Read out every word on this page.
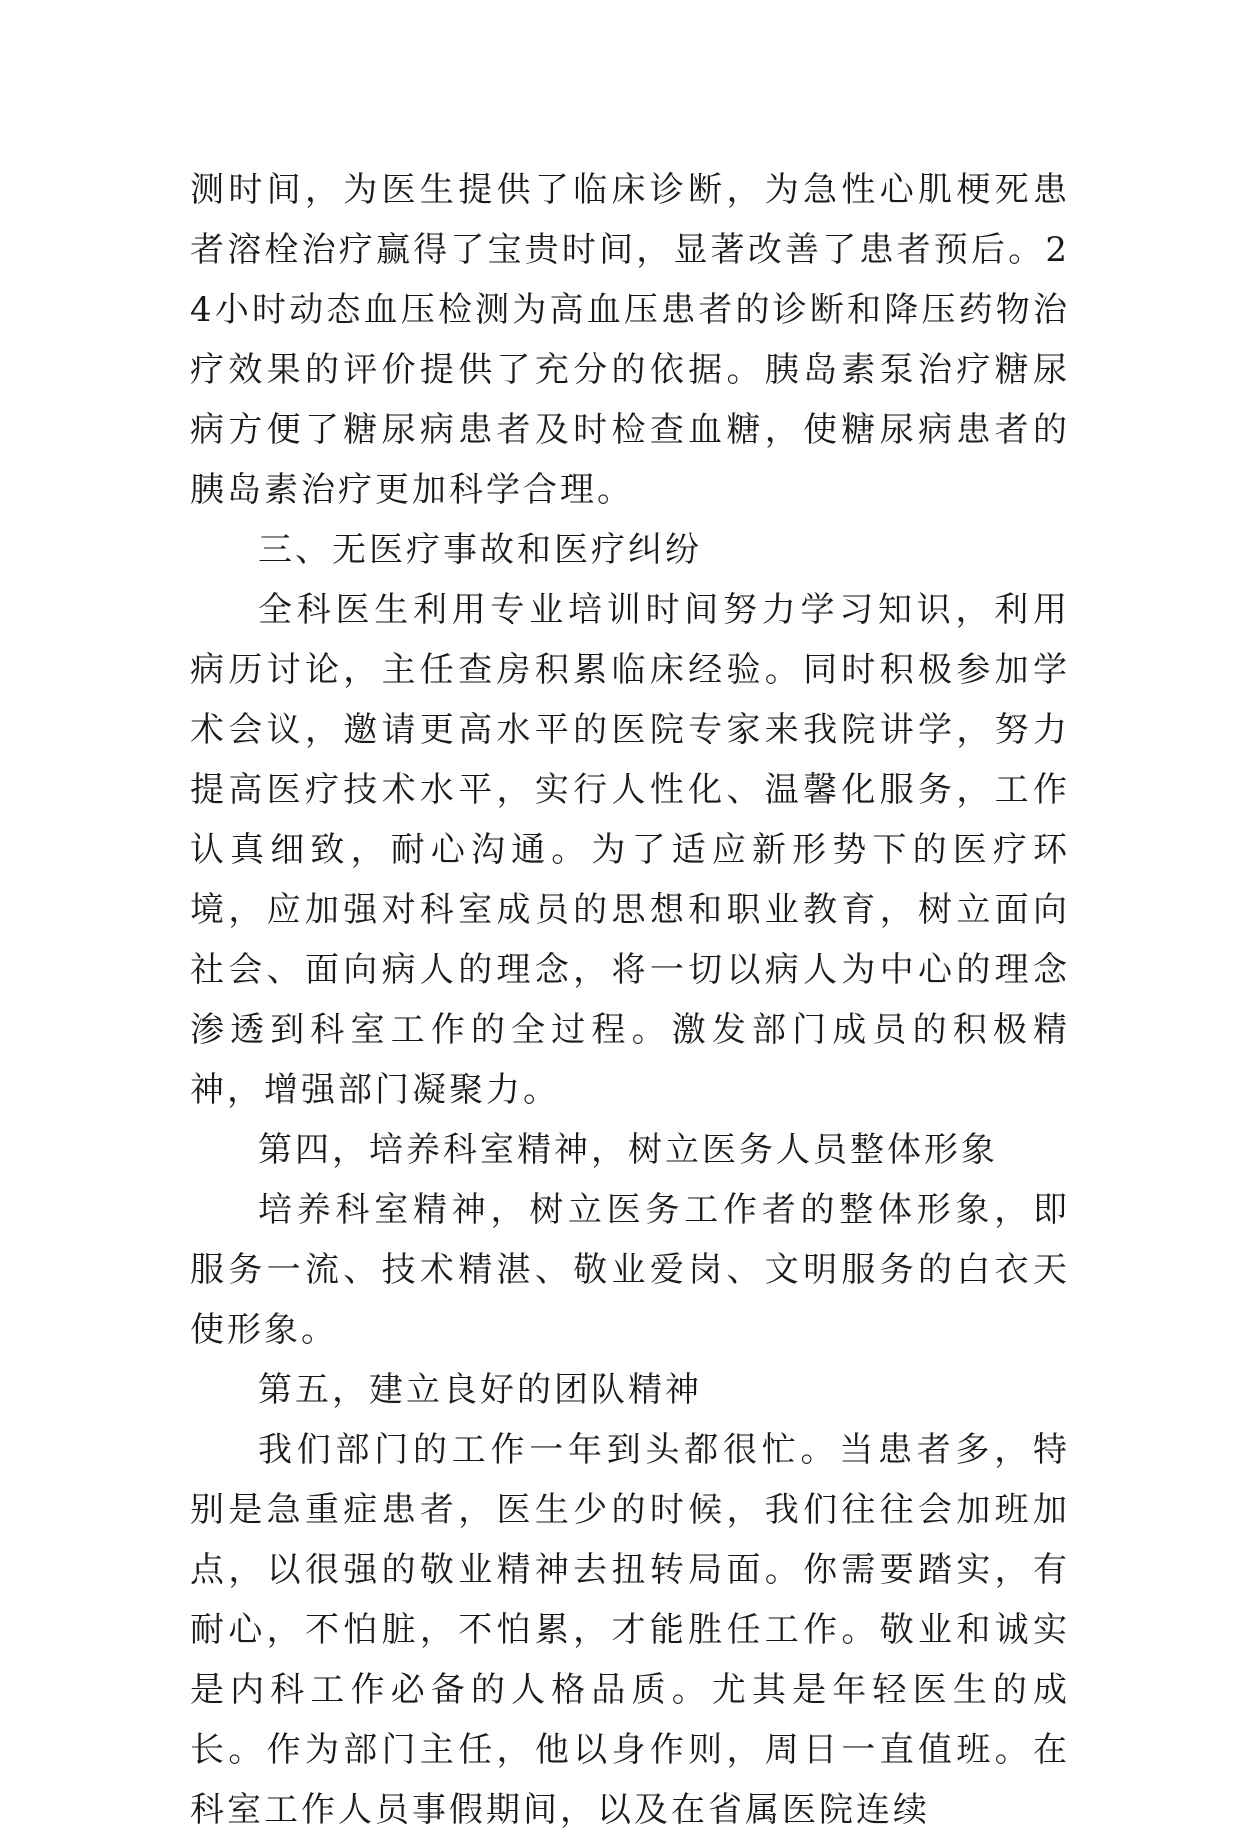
测时间，为医生提供了临床诊断，为急性心肌梗死患者溶栓治疗赢得了宝贵时间，显著改善了患者预后。24小时动态血压检测为高血压患者的诊断和降压药物治疗效果的评价提供了充分的依据。胰岛素泵治疗糖尿病方便了糖尿病患者及时检查血糖，使糖尿病患者的胰岛素治疗更加科学合理。

三、无医疗事故和医疗纠纷

全科医生利用专业培训时间努力学习知识，利用病历讨论，主任查房积累临床经验。同时积极参加学术会议，邀请更高水平的医院专家来我院讲学，努力提高医疗技术水平，实行人性化、温馨化服务，工作认真细致，耐心沟通。为了适应新形势下的医疗环境，应加强对科室成员的思想和职业教育，树立面向社会、面向病人的理念，将一切以病人为中心的理念渗透到科室工作的全过程。激发部门成员的积极精神，增强部门凝聚力。

第四，培养科室精神，树立医务人员整体形象

培养科室精神，树立医务工作者的整体形象，即服务一流、技术精湛、敬业爱岗、文明服务的白衣天使形象。

第五，建立良好的团队精神

我们部门的工作一年到头都很忙。当患者多，特别是急重症患者，医生少的时候，我们往往会加班加点，以很强的敬业精神去扭转局面。你需要踏实，有耐心，不怕脏，不怕累，才能胜任工作。敬业和诚实是内科工作必备的人格品质。尤其是年轻医生的成长。作为部门主任，他以身作则，周日一直值班。在科室工作人员事假期间，以及在省属医院连续
